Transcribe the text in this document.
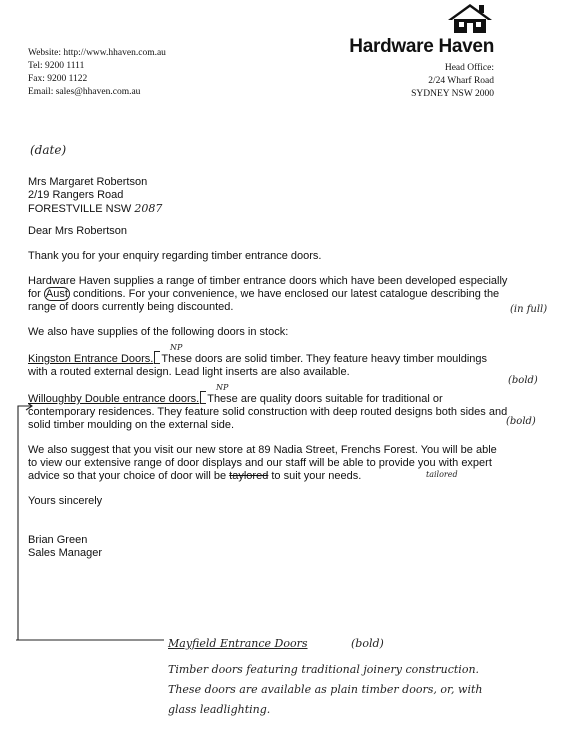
Website: http://www.hhaven.com.au
Tel: 9200 1111
Fax: 9200 1122
Email: sales@hhaven.com.au
Hardware Haven
Head Office:
2/24 Wharf Road
SYDNEY NSW 2000
(date)

Mrs Margaret Robertson
2/19 Rangers Road
FORESTVILLE NSW 2087

Dear Mrs Robertson

Thank you for your enquiry regarding timber entrance doors.

Hardware Haven supplies a range of timber entrance doors which have been developed especially for Aust conditions. For your convenience, we have enclosed our latest catalogue describing the range of doors currently being discounted.

We also have supplies of the following doors in stock:

Kingston Entrance Doors. These doors are solid timber. They feature heavy timber mouldings with a routed external design. Lead light inserts are also available.
NP

Willoughby Double entrance doors. These are quality doors suitable for traditional or contemporary residences. They feature solid construction with deep routed designs both sides and solid timber moulding on the external side.
NP

We also suggest that you visit our new store at 89 Nadia Street, Frenchs Forest. You will be able to view our extensive range of door displays and our staff will be able to provide you with expert advice so that your choice of door will be taylored to suit your needs.	tailored

Yours sincerely

Brian Green
Sales Manager

(in full)
(bold)
(bold)
Mayfield Entrance Doors	(bold)
Timber doors featuring traditional joinery construction.
These doors are available as plain timber doors, or, with
glass leadlighting.
